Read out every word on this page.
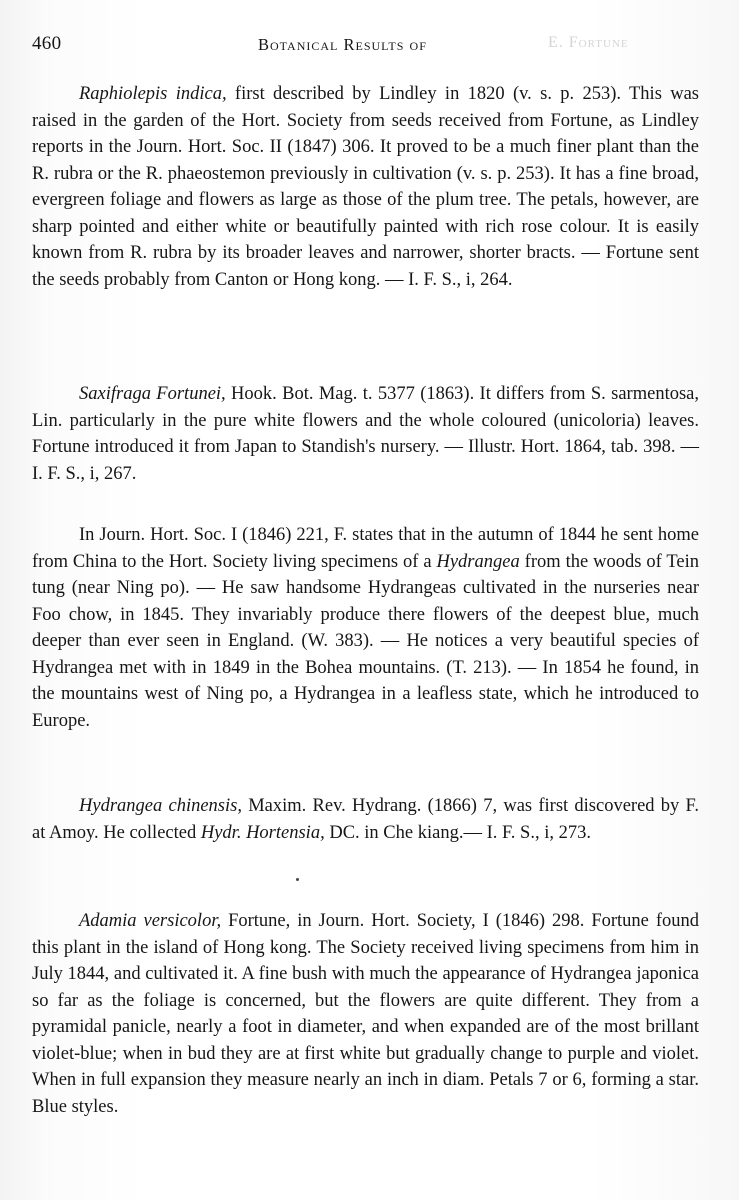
460	Botanical Results of	E. Fortune

Raphiolepis indica, first described by Lindley in 1820 (v. s. p. 253). This was raised in the garden of the Hort. Society from seeds received from Fortune, as Lindley reports in the Journ. Hort. Soc. II (1847) 306. It proved to be a much finer plant than the R. rubra or the R. phaeostemon previously in cultivation (v. s. p. 253). It has a fine broad, evergreen foliage and flowers as large as those of the plum tree. The petals, however, are sharp pointed and either white or beautifully painted with rich rose colour. It is easily known from R. rubra by its broader leaves and narrower, shorter bracts. — Fortune sent the seeds probably from Canton or Hong kong. — I. F. S., i, 264.

Saxifraga Fortunei, Hook. Bot. Mag. t. 5377 (1863). It differs from S. sarmentosa, Lin. particularly in the pure white flowers and the whole coloured (unicoloria) leaves. Fortune introduced it from Japan to Standish's nursery. — Illustr. Hort. 1864, tab. 398. — I. F. S., i, 267.

In Journ. Hort. Soc. I (1846) 221, F. states that in the autumn of 1844 he sent home from China to the Hort. Society living specimens of a Hydrangea from the woods of Tein tung (near Ning po). — He saw handsome Hydrangeas cultivated in the nurseries near Foo chow, in 1845. They invariably produce there flowers of the deepest blue, much deeper than ever seen in England. (W. 383). — He notices a very beautiful species of Hydrangea met with in 1849 in the Bohea mountains. (T. 213). — In 1854 he found, in the mountains west of Ning po, a Hydrangea in a leafless state, which he introduced to Europe.

Hydrangea chinensis, Maxim. Rev. Hydrang. (1866) 7, was first discovered by F. at Amoy. He collected Hydr. Hortensia, DC. in Che kiang.— I. F. S., i, 273.

Adamia versicolor, Fortune, in Journ. Hort. Society, I (1846) 298. Fortune found this plant in the island of Hong kong. The Society received living specimens from him in July 1844, and cultivated it. A fine bush with much the appearance of Hydrangea japonica so far as the foliage is concerned, but the flowers are quite different. They from a pyramidal panicle, nearly a foot in diameter, and when expanded are of the most brillant violet-blue; when in bud they are at first white but gradually change to purple and violet. When in full expansion they measure nearly an inch in diam. Petals 7 or 6, forming a star. Blue styles.
